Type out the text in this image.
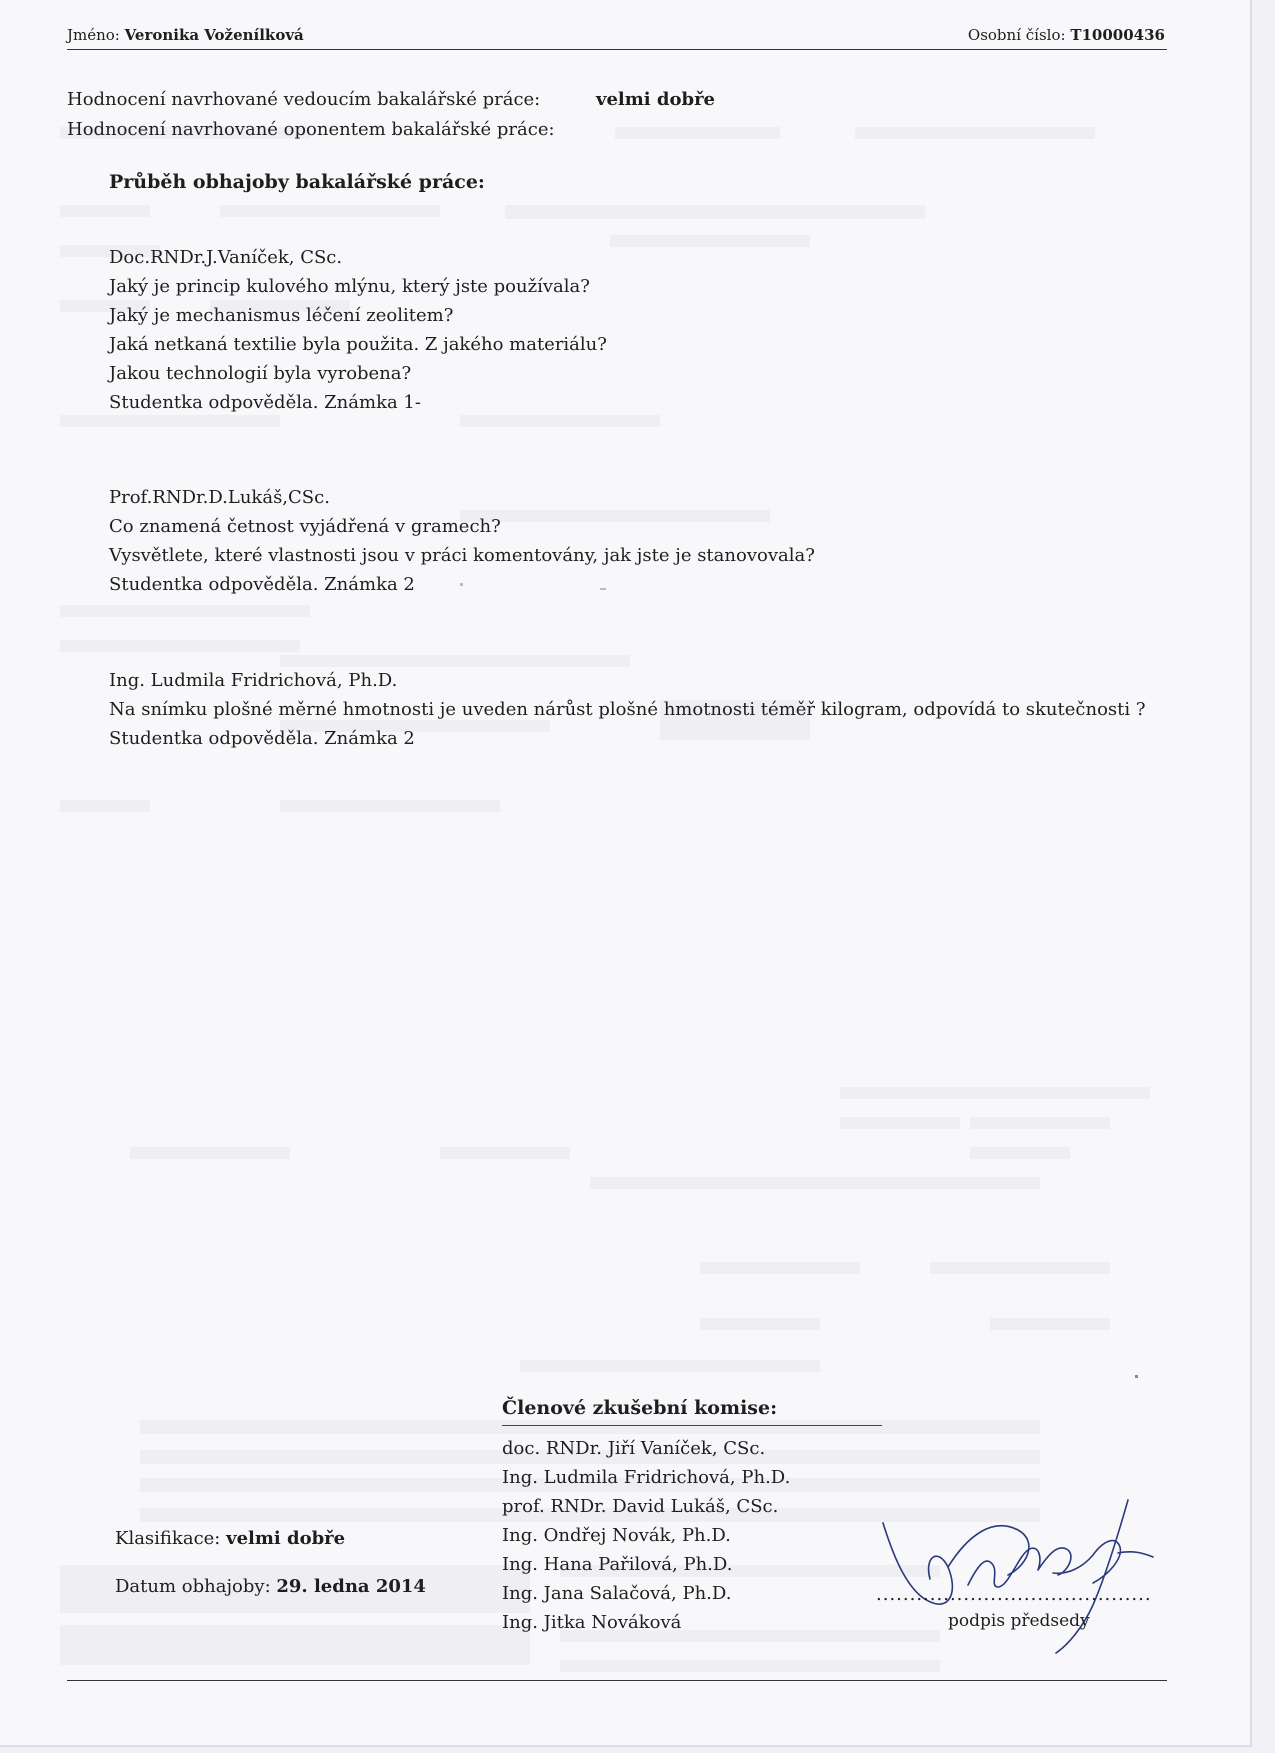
Jméno: Veronika Voženílková	Osobní číslo: T10000436
Hodnocení navrhované vedoucím bakalářské práce:	velmi dobře
Hodnocení navrhované oponentem bakalářské práce:
Průběh obhajoby bakalářské práce:
Doc.RNDr.J.Vaníček, CSc.
Jaký je princip kulového mlýnu, který jste používala?
Jaký je mechanismus léčení zeolitem?
Jaká netkaná textilie byla použita. Z jakého materiálu?
Jakou technologií byla vyrobena?
Studentka odpověděla. Známka 1-
Prof.RNDr.D.Lukáš,CSc.
Co znamená četnost vyjádřená v gramech?
Vysvětlete, které vlastnosti jsou v práci komentovány, jak jste je stanovovala?
Studentka odpověděla. Známka 2
Ing. Ludmila Fridrichová, Ph.D.
Na snímku plošné měrné hmotnosti je uveden nárůst plošné hmotnosti téměř kilogram, odpovídá to skutečnosti ?
Studentka odpověděla. Známka 2
Členové zkušební komise:
doc. RNDr. Jiří Vaníček, CSc.
Ing. Ludmila Fridrichová, Ph.D.
prof. RNDr. David Lukáš, CSc.
Ing. Ondřej Novák, Ph.D.
Ing. Hana Pařilová, Ph.D.
Ing. Jana Salačová, Ph.D.
Ing. Jitka Nováková
Klasifikace: velmi dobře
Datum obhajoby: 29. ledna 2014	.........................................
podpis předsedy
